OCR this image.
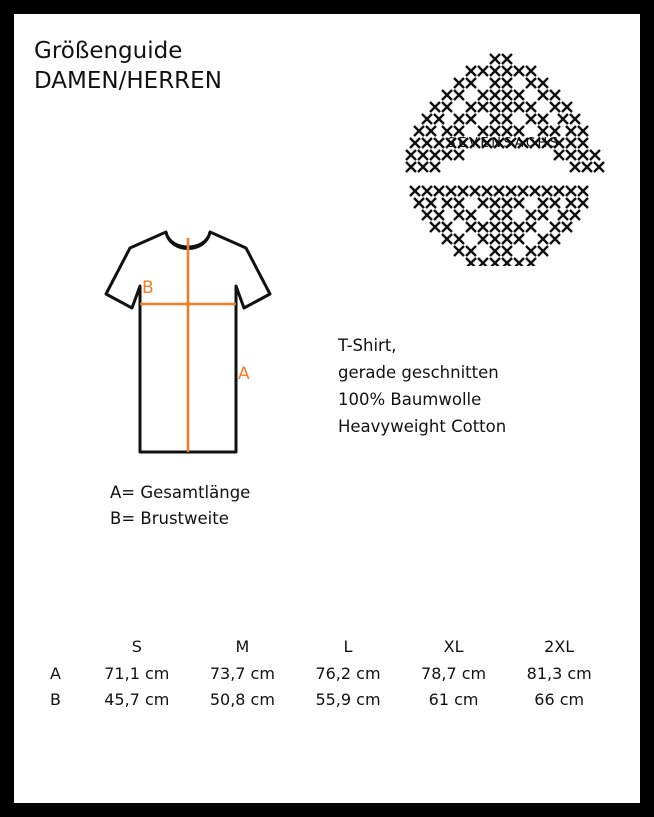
Größenguide
DAMEN/HERREN
SEVENSACHS
B
A
A= Gesamtlänge
B= Brustweite
T-Shirt,
gerade geschnitten
100% Baumwolle
Heavyweight Cotton
	S	M	L	XL	2XL
A	71,1 cm	73,7 cm	76,2 cm	78,7 cm	81,3 cm
B	45,7 cm	50,8 cm	55,9 cm	61 cm	66 cm
